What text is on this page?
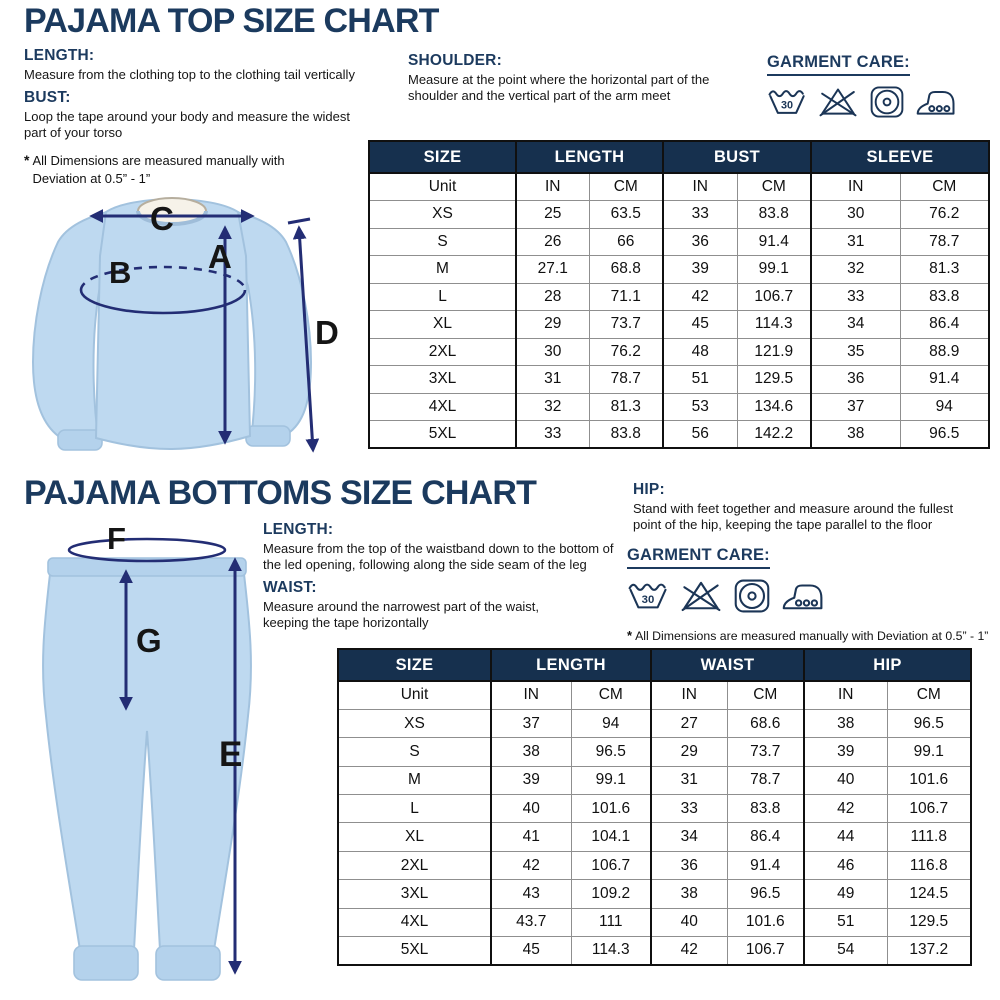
PAJAMA TOP SIZE CHART
LENGTH:
Measure from the clothing top to the clothing tail vertically
BUST:
Loop the tape around your body and measure the widest part of your torso
* All Dimensions are measured manually with Deviation at 0.5” - 1”
SHOULDER:
Measure at the point where the horizontal part of the shoulder and the vertical part of the arm meet
GARMENT CARE:
30
C
A
B
D
SIZE	LENGTH		BUST		SLEEVE	
Unit	IN	CM	IN	CM	IN	CM
XS	25	63.5	33	83.8	30	76.2
S	26	66	36	91.4	31	78.7
M	27.1	68.8	39	99.1	32	81.3
L	28	71.1	42	106.7	33	83.8
XL	29	73.7	45	114.3	34	86.4
2XL	30	76.2	48	121.9	35	88.9
3XL	31	78.7	51	129.5	36	91.4
4XL	32	81.3	53	134.6	37	94
5XL	33	83.8	56	142.2	38	96.5
PAJAMA BOTTOMS SIZE CHART	HIP:
Stand with feet together and measure around the fullest point of the hip, keeping the tape parallel to the floor
LENGTH:
Measure from the top of the waistband down to the bottom of the led opening, following along the side seam of the leg
WAIST:
Measure around the narrowest part of the waist, keeping the tape horizontally
GARMENT CARE:
30
* All Dimensions are measured manually with Deviation at 0.5” - 1”
F
G
E
SIZE	LENGTH		WAIST		HIP	
Unit	IN	CM	IN	CM	IN	CM
XS	37	94	27	68.6	38	96.5
S	38	96.5	29	73.7	39	99.1
M	39	99.1	31	78.7	40	101.6
L	40	101.6	33	83.8	42	106.7
XL	41	104.1	34	86.4	44	111.8
2XL	42	106.7	36	91.4	46	116.8
3XL	43	109.2	38	96.5	49	124.5
4XL	43.7	111	40	101.6	51	129.5
5XL	45	114.3	42	106.7	54	137.2
